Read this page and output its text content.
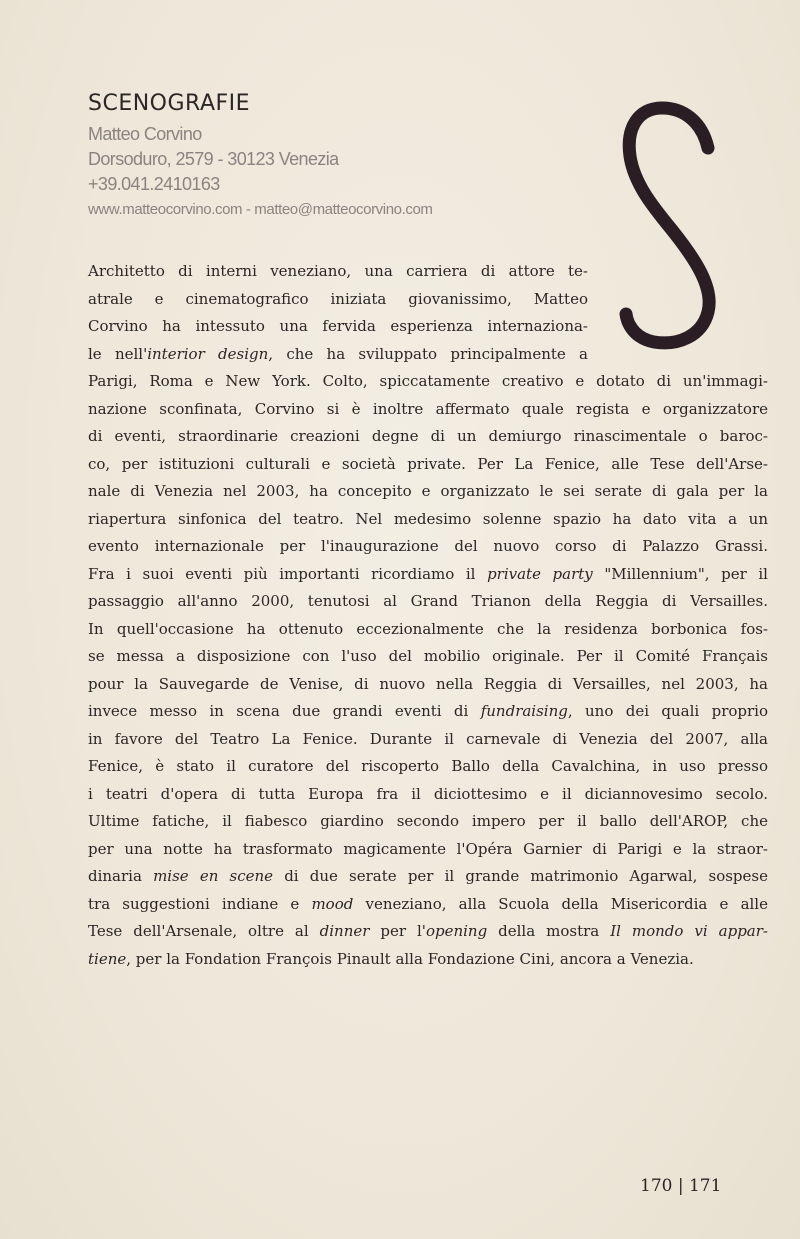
SCENOGRAFIE
Matteo Corvino
Dorsoduro, 2579 - 30123 Venezia
+39.041.2410163
www.matteocorvino.com - matteo@matteocorvino.com
Architetto di interni veneziano, una carriera di attore te-
atrale e cinematografico iniziata giovanissimo, Matteo
Corvino ha intessuto una fervida esperienza internaziona-
le nell'interior design, che ha sviluppato principalmente a
Parigi, Roma e New York. Colto, spiccatamente creativo e dotato di un'immagi-
nazione sconfinata, Corvino si è inoltre affermato quale regista e organizzatore
di eventi, straordinarie creazioni degne di un demiurgo rinascimentale o baroc-
co, per istituzioni culturali e società private. Per La Fenice, alle Tese dell'Arse-
nale di Venezia nel 2003, ha concepito e organizzato le sei serate di gala per la
riapertura sinfonica del teatro. Nel medesimo solenne spazio ha dato vita a un
evento internazionale per l'inaugurazione del nuovo corso di Palazzo Grassi.
Fra i suoi eventi più importanti ricordiamo il private party "Millennium", per il
passaggio all'anno 2000, tenutosi al Grand Trianon della Reggia di Versailles.
In quell'occasione ha ottenuto eccezionalmente che la residenza borbonica fos-
se messa a disposizione con l'uso del mobilio originale. Per il Comité Français
pour la Sauvegarde de Venise, di nuovo nella Reggia di Versailles, nel 2003, ha
invece messo in scena due grandi eventi di fundraising, uno dei quali proprio
in favore del Teatro La Fenice. Durante il carnevale di Venezia del 2007, alla
Fenice, è stato il curatore del riscoperto Ballo della Cavalchina, in uso presso
i teatri d'opera di tutta Europa fra il diciottesimo e il diciannovesimo secolo.
Ultime fatiche, il fiabesco giardino secondo impero per il ballo dell'AROP, che
per una notte ha trasformato magicamente l'Opéra Garnier di Parigi e la straor-
dinaria mise en scene di due serate per il grande matrimonio Agarwal, sospese
tra suggestioni indiane e mood veneziano, alla Scuola della Misericordia e alle
Tese dell'Arsenale, oltre al dinner per l'opening della mostra Il mondo vi appar-
tiene, per la Fondation François Pinault alla Fondazione Cini, ancora a Venezia.
170 | 171
